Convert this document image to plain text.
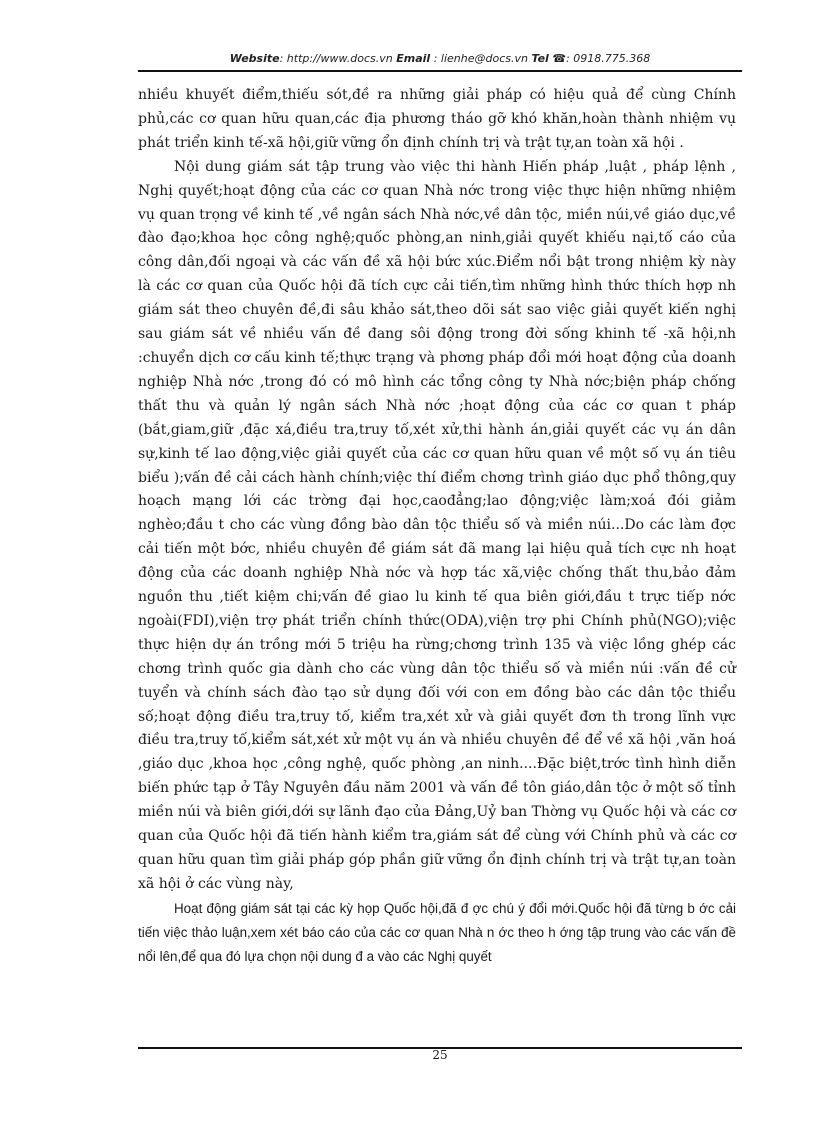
Website: http://www.docs.vn Email : lienhe@docs.vn Tel ☎: 0918.775.368

nhiều khuyết điểm,thiếu sót,đề ra những giải pháp có hiệu quả để cùng Chính phủ,các cơ quan hữu quan,các địa phương tháo gỡ khó khăn,hoàn thành nhiệm vụ phát triển kinh tế-xã hội,giữ vững ổn định chính trị và trật tự,an toàn xã hội .

Nội dung giám sát tập trung vào việc thi hành Hiến pháp ,luật , pháp lệnh , Nghị quyết;hoạt động của các cơ quan Nhà nớc trong việc thực hiện những nhiệm vụ quan trọng về kinh tế ,về ngân sách Nhà nớc,về dân tộc, miền núi,về giáo dục,về đào đạo;khoa học công nghệ;quốc phòng,an ninh,giải quyết khiếu nại,tố cáo của công dân,đối ngoại và các vấn đề xã hội bức xúc.Điểm nổi bật trong nhiệm kỳ này là các cơ quan của Quốc hội đã tích cực cải tiến,tìm những hình thức thích hợp nh giám sát theo chuyên đề,đi sâu khảo sát,theo dõi sát sao việc giải quyết kiến nghị sau giám sát về nhiều vấn đề đang sôi động trong đời sống khinh tế -xã hội,nh :chuyển dịch cơ cấu kinh tế;thực trạng và phơng pháp đổi mới hoạt động của doanh nghiệp Nhà nớc ,trong đó có mô hình các tổng công ty Nhà nớc;biện pháp chống thất thu và quản lý ngân sách Nhà nớc ;hoạt động của các cơ quan t pháp (bắt,giam,giữ ,đặc xá,điều tra,truy tố,xét xử,thi hành án,giải quyết các vụ án dân sự,kinh tế lao động,việc giải quyết của các cơ quan hữu quan về một số vụ án tiêu biểu );vấn đề cải cách hành chính;việc thí điểm chơng trình giáo dục phổ thông,quy hoạch mạng lới các trờng đại học,caođẳng;lao động;việc làm;xoá đói giảm nghèo;đầu t cho các vùng đồng bào dân tộc thiểu số và miền núi...Do các làm đợc cải tiến một bớc, nhiều chuyên đề giám sát đã mang lại hiệu quả tích cực nh hoạt động của các doanh nghiệp Nhà nớc và hợp tác xã,việc chống thất thu,bảo đảm nguồn thu ,tiết kiệm chi;vấn đề giao lu kinh tế qua biên giới,đầu t trực tiếp nớc ngoài(FDI),viện trợ phát triển chính thức(ODA),viện trợ phi Chính phủ(NGO);việc thực hiện dự án trồng mới 5 triệu ha rừng;chơng trình 135 và việc lồng ghép các chơng trình quốc gia dành cho các vùng dân tộc thiểu số và miền núi :vấn đề cử tuyển và chính sách đào tạo sử dụng đối với con em đồng bào các dân tộc thiểu số;hoạt động điều tra,truy tố, kiểm tra,xét xử và giải quyết đơn th trong lĩnh vực điều tra,truy tố,kiểm sát,xét xử một vụ án và nhiều chuyên đề để về xã hội ,văn hoá ,giáo dục ,khoa học ,công nghệ, quốc phòng ,an ninh....Đặc biệt,trớc tình hình diễn biến phức tạp ở Tây Nguyên đầu năm 2001 và vấn đề tôn giáo,dân tộc ở một số tỉnh miền núi và biên giới,dới sự lãnh đạo của Đảng,Uỷ ban Thờng vụ Quốc hội và các cơ quan của Quốc hội đã tiến hành kiểm tra,giám sát để cùng với Chính phủ và các cơ quan hữu quan tìm giải pháp góp phần giữ vững ổn định chính trị và trật tự,an toàn xã hội ở các vùng này,

Hoạt động giám sát tại các kỳ họp Quốc hội,đã đ ợc chú ý đổi mới.Quốc hội đã từng b ớc cải tiến việc thảo luận,xem xét báo cáo của các cơ quan Nhà n ớc theo h ớng tập trung vào các vấn đề nổi lên,để qua đó lựa chọn nội dung đ a vào các Nghị quyết

25
